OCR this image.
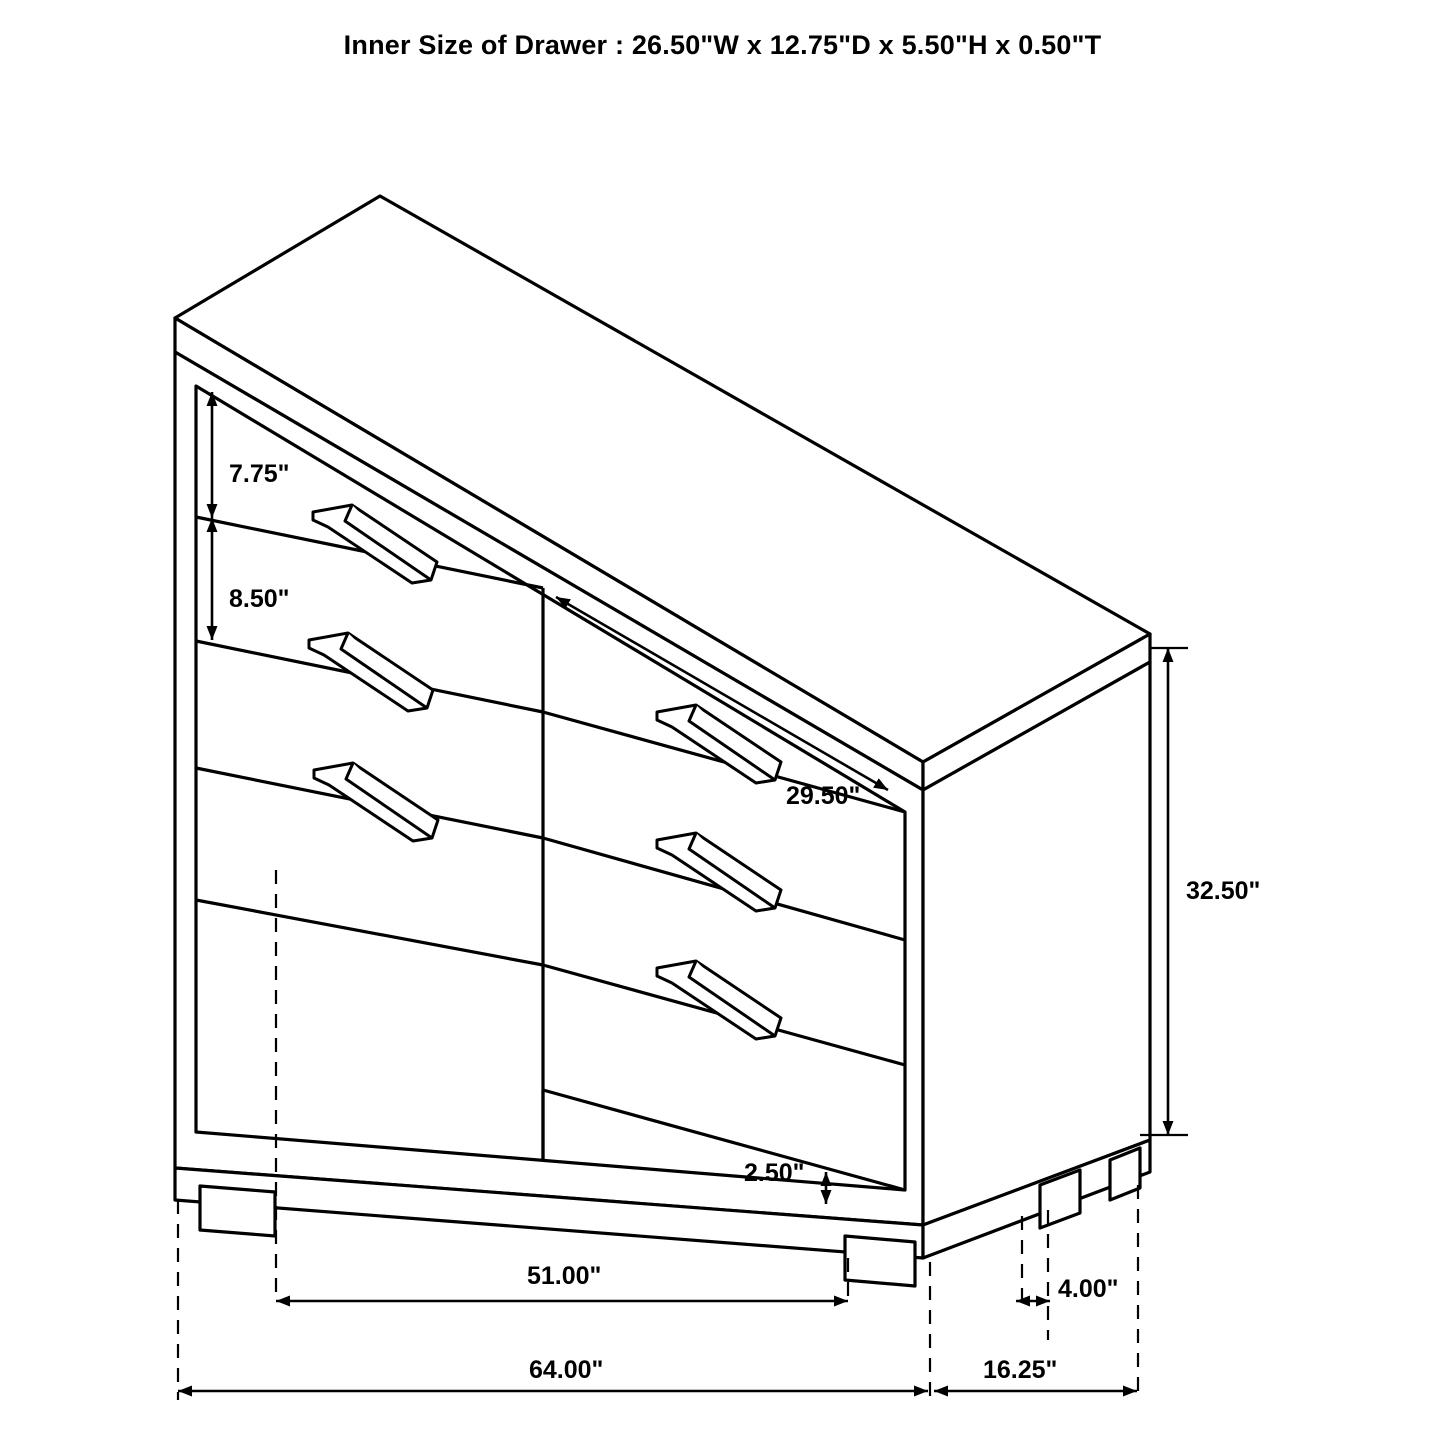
Inner Size of Drawer : 26.50"W x 12.75"D x 5.50"H x 0.50"T
7.75"
8.50"
29.50"
32.50"
2.50"
51.00"	4.00"
64.00"	16.25"
